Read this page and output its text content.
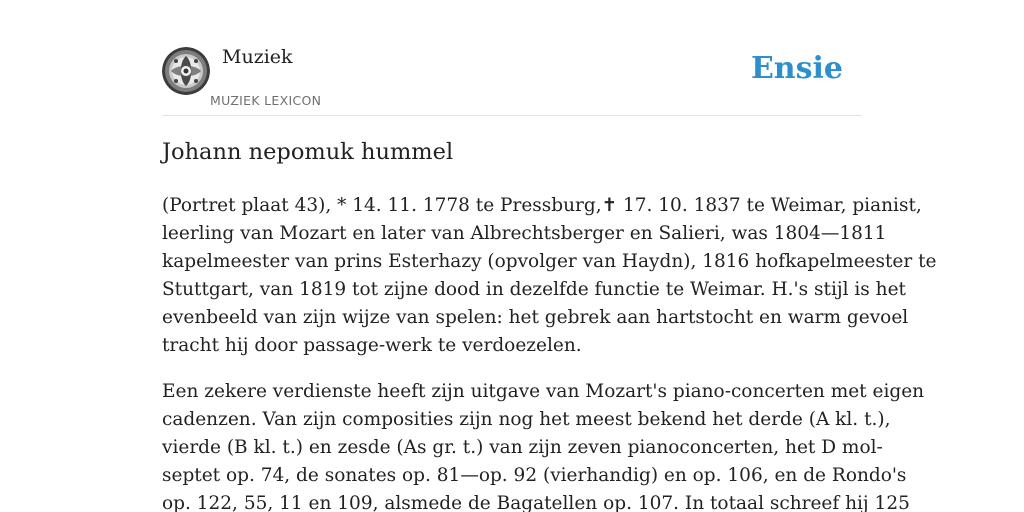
Muziek
MUZIEK LEXICON
Ensie
Johann nepomuk hummel

(Portret plaat 43), * 14. 11. 1778 te Pressburg,✝ 17. 10. 1837 te Weimar, pianist,
leerling van Mozart en later van Albrechtsberger en Salieri, was 1804—1811
kapelmeester van prins Esterhazy (opvolger van Haydn), 1816 hofkapelmeester te
Stuttgart, van 1819 tot zijne dood in dezelfde functie te Weimar. H.'s stijl is het
evenbeeld van zijn wijze van spelen: het gebrek aan hartstocht en warm gevoel
tracht hij door passage-werk te verdoezelen.

Een zekere verdienste heeft zijn uitgave van Mozart's piano-concerten met eigen
cadenzen. Van zijn composities zijn nog het meest bekend het derde (A kl. t.),
vierde (B kl. t.) en zesde (As gr. t.) van zijn zeven pianoconcerten, het D mol-
septet op. 74, de sonates op. 81—op. 92 (vierhandig) en op. 106, en de Rondo's
op. 122, 55, 11 en 109, alsmede de Bagatellen op. 107. In totaal schreef hij 125
